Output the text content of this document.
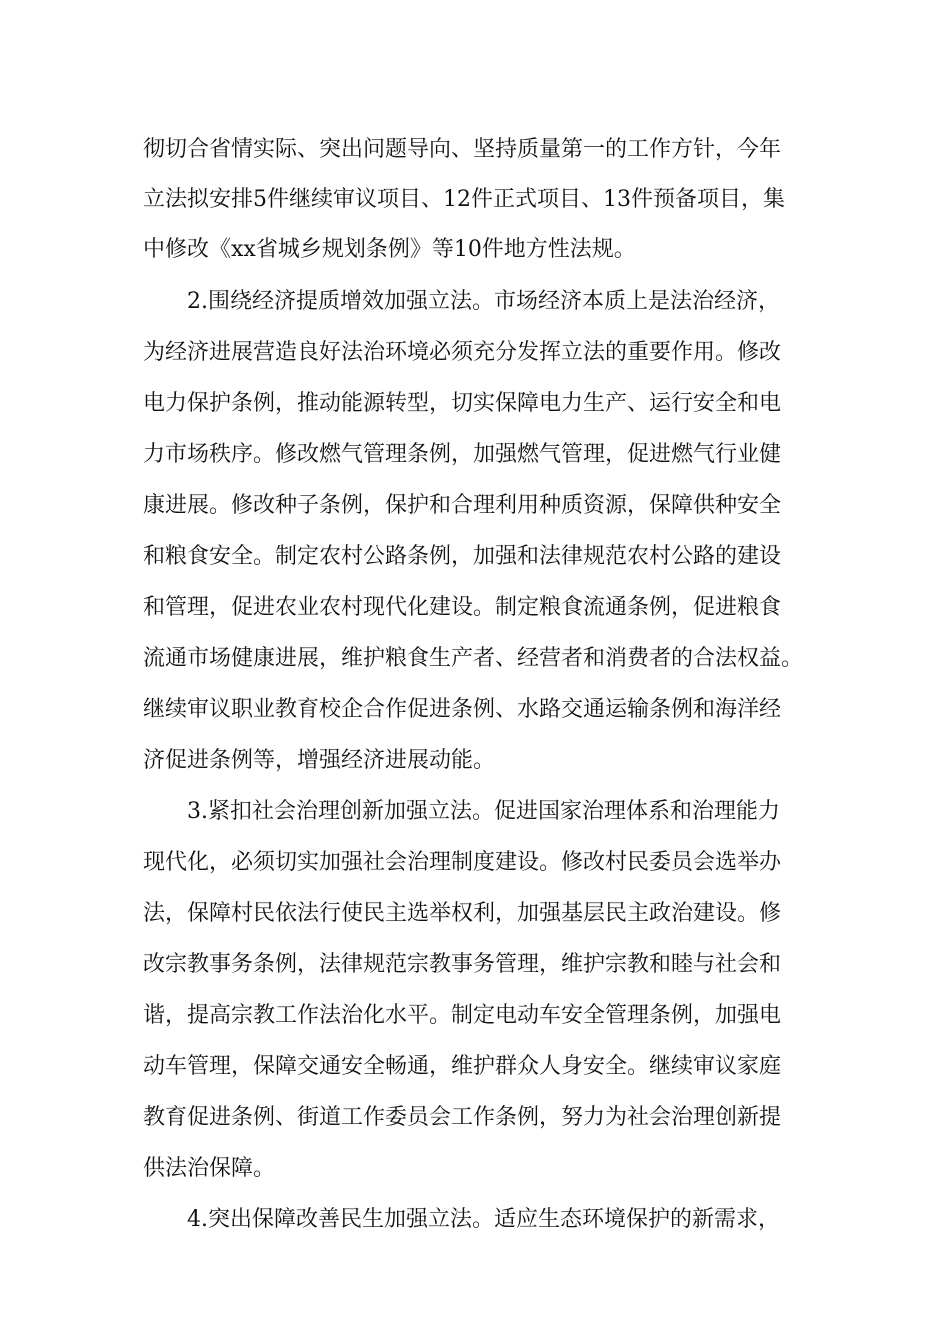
彻切合省情实际、突出问题导向、坚持质量第一的工作方针，今年
立法拟安排5件继续审议项目、12件正式项目、13件预备项目，集
中修改《xx省城乡规划条例》等10件地方性法规。
2.围绕经济提质增效加强立法。市场经济本质上是法治经济，
为经济进展营造良好法治环境必须充分发挥立法的重要作用。修改
电力保护条例，推动能源转型，切实保障电力生产、运行安全和电
力市场秩序。修改燃气管理条例，加强燃气管理，促进燃气行业健
康进展。修改种子条例，保护和合理利用种质资源，保障供种安全
和粮食安全。制定农村公路条例，加强和法律规范农村公路的建设
和管理，促进农业农村现代化建设。制定粮食流通条例，促进粮食
流通市场健康进展，维护粮食生产者、经营者和消费者的合法权益。
继续审议职业教育校企合作促进条例、水路交通运输条例和海洋经
济促进条例等，增强经济进展动能。
3.紧扣社会治理创新加强立法。促进国家治理体系和治理能力
现代化，必须切实加强社会治理制度建设。修改村民委员会选举办
法，保障村民依法行使民主选举权利，加强基层民主政治建设。修
改宗教事务条例，法律规范宗教事务管理，维护宗教和睦与社会和
谐，提高宗教工作法治化水平。制定电动车安全管理条例，加强电
动车管理，保障交通安全畅通，维护群众人身安全。继续审议家庭
教育促进条例、街道工作委员会工作条例，努力为社会治理创新提
供法治保障。
4.突出保障改善民生加强立法。适应生态环境保护的新需求，
